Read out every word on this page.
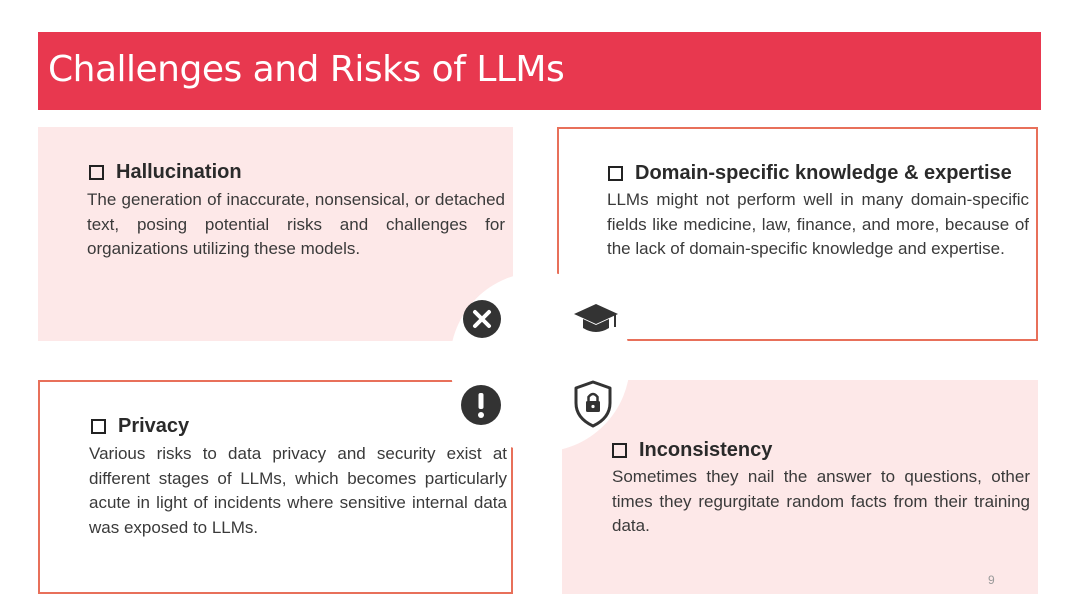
Challenges and Risks of LLMs
Hallucination
The generation of inaccurate, nonsensical, or detached text, posing potential risks and challenges for organizations utilizing these models.
Domain-specific knowledge & expertise
LLMs might not perform well in many domain-specific fields like medicine, law, finance, and more, because of the lack of domain-specific knowledge and expertise.
Privacy
Various risks to data privacy and security exist at different stages of LLMs, which becomes particularly acute in light of incidents where sensitive internal data was exposed to LLMs.
Inconsistency
Sometimes they nail the answer to questions, other times they regurgitate random facts from their training data.
9
